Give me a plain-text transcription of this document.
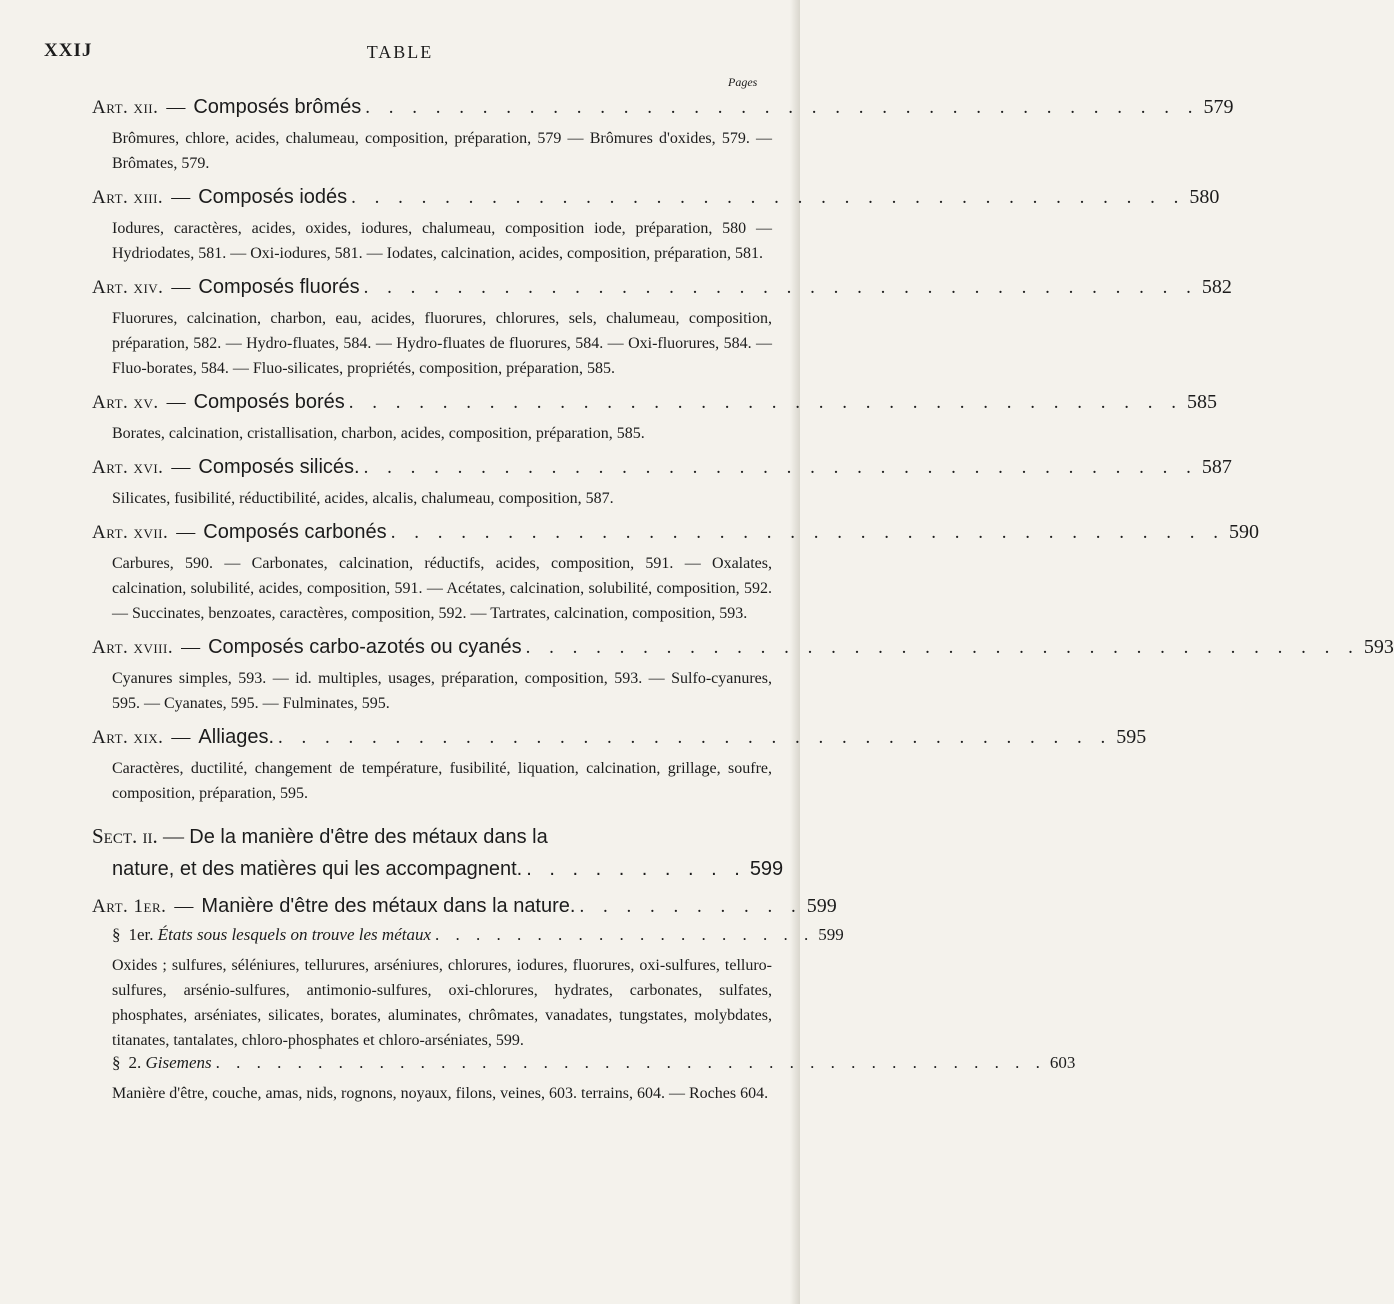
XXIJ	TABLE
Pages
Art. xii. — Composés brômés . . . . . . . . . . . . . . . . . . . . . . . . . . . . . . . . . . . . 579
Brômures, chlore, acides, chalumeau, composition, préparation, 579 — Brômures d'oxides, 579. — Brômates, 579.
Art. xiii. — Composés iodés . . . . . . . . . . . . . . . . . . . . . . . . . . . . . . . . . . . . 580
Iodures, caractères, acides, oxides, iodures, chalumeau, composition iode, préparation, 580 — Hydriodates, 581. — Oxi-iodures, 581. — Iodates, calcination, acides, composition, préparation, 581.
Art. xiv. — Composés fluorés . . . . . . . . . . . . . . . . . . . . . . . . . . . . . . . . . . . . 582
Fluorures, calcination, charbon, eau, acides, fluorures, chlorures, sels, chalumeau, composition, préparation, 582. — Hydro-fluates, 584. — Hydro-fluates de fluorures, 584. — Oxi-fluorures, 584. — Fluo-borates, 584. — Fluo-silicates, propriétés, composition, préparation, 585.
Art. xv. — Composés borés . . . . . . . . . . . . . . . . . . . . . . . . . . . . . . . . . . . . 585
Borates, calcination, cristallisation, charbon, acides, composition, préparation, 585.
Art. xvi. — Composés silicés. . . . . . . . . . . . . . . . . . . . . . . . . . . . . . . . . . . . . 587
Silicates, fusibilité, réductibilité, acides, alcalis, chalumeau, composition, 587.
Art. xvii. — Composés carbonés . . . . . . . . . . . . . . . . . . . . . . . . . . . . . . . . . . . . 590
Carbures, 590. — Carbonates, calcination, réductifs, acides, composition, 591. — Oxalates, calcination, solubilité, acides, composition, 591. — Acétates, calcination, solubilité, composition, 592. — Succinates, benzoates, caractères, composition, 592. — Tartrates, calcination, composition, 593.
Art. xviii. — Composés carbo-azotés ou cyanés . . . . . . . . . . . . . . . . . . . . . . . . . . . . . . . . . . . . 593
Cyanures simples, 593. — id. multiples, usages, préparation, composition, 593. — Sulfo-cyanures, 595. — Cyanates, 595. — Fulminates, 595.
Art. xix. — Alliages. . . . . . . . . . . . . . . . . . . . . . . . . . . . . . . . . . . . . 595
Caractères, ductilité, changement de température, fusibilité, liquation, calcination, grillage, soufre, composition, préparation, 595.
Sect. ii. — De la manière d'être des métaux dans la
nature, et des matières qui les accompagnent. . . . . . . . . . . 599
Art. 1er. — Manière d'être des métaux dans la nature. . . . . . . . . . . 599
§ 1er.
États sous lesquels on trouve les métaux . . . . . . . . . . . . . . . . . . . 599
Oxides ; sulfures, séléniures, tellurures, arséniures, chlorures, iodures, fluorures, oxi-sulfures, telluro-sulfures, arsénio-sulfures, antimonio-sulfures, oxi-chlorures, hydrates, carbonates, sulfates, phosphates, arséniates, silicates, borates, aluminates, chrômates, vanadates, tungstates, molybdates, titanates, tantalates, chloro-phosphates et chloro-arséniates, 599.
§ 2.
Gisemens . . . . . . . . . . . . . . . . . . . . . . . . . . . . . . . . . . . . . . . . . 603
Manière d'être, couche, amas, nids, rognons, noyaux, filons, veines, 603. terrains, 604. — Roches 604.
